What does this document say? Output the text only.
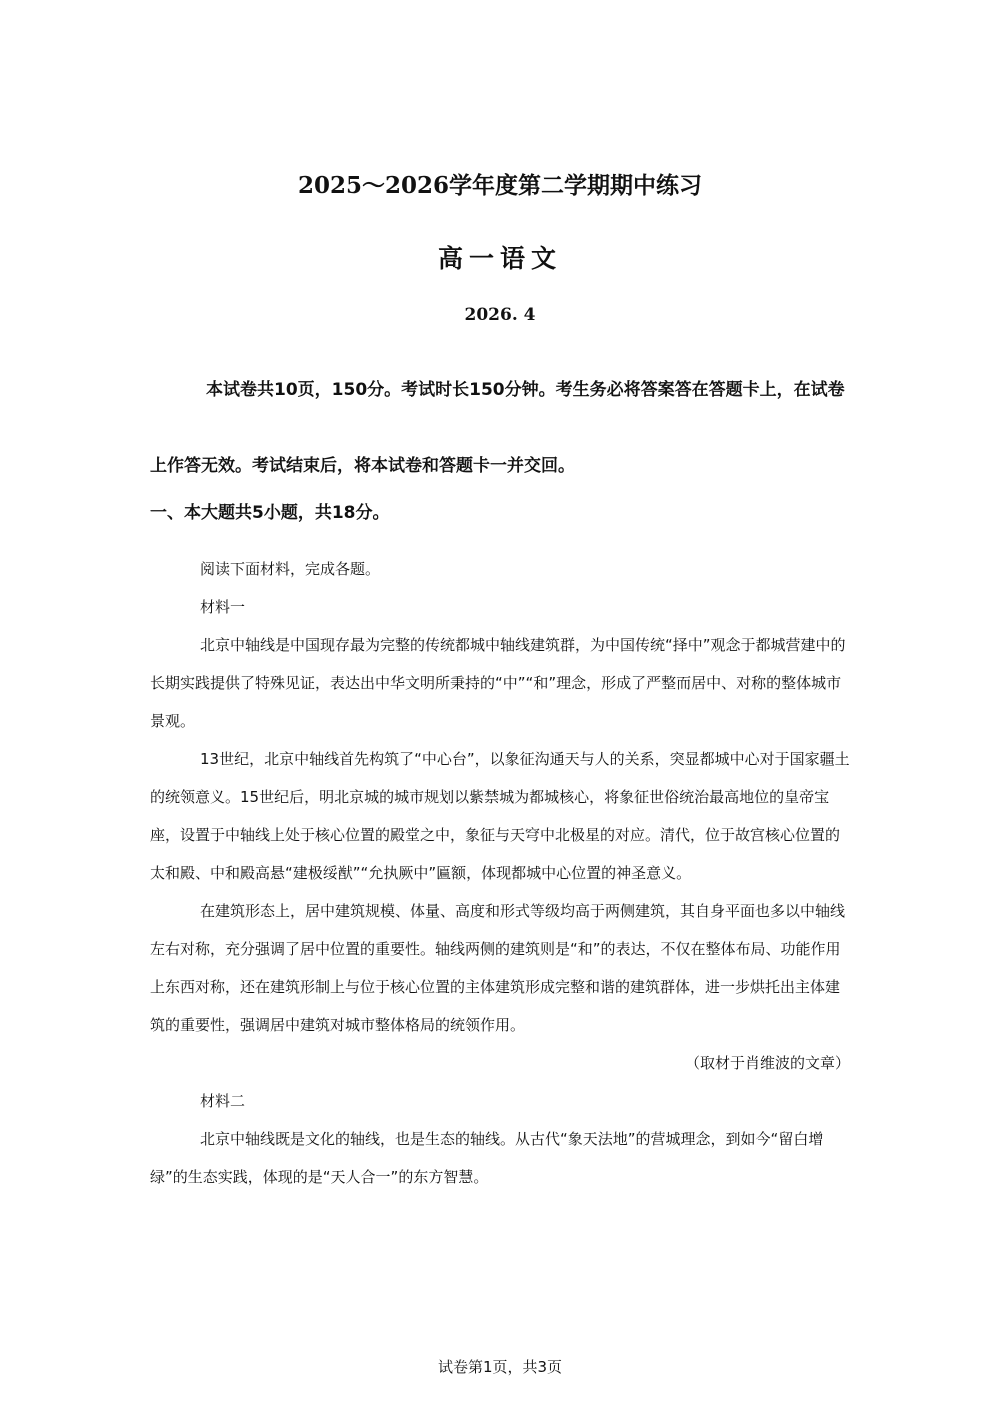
2025～2026学年度第二学期期中练习
高一语文
2026. 4

本试卷共10页，150分。考试时长150分钟。考生务必将答案答在答题卡上，在试卷上作答无效。考试结束后，将本试卷和答题卡一并交回。

一、本大题共5小题，共18分。

阅读下面材料，完成各题。

材料一

北京中轴线是中国现存最为完整的传统都城中轴线建筑群，为中国传统“择中”观念于都城营建中的长期实践提供了特殊见证，表达出中华文明所秉持的“中”“和”理念，形成了严整而居中、对称的整体城市景观。

13世纪，北京中轴线首先构筑了“中心台”，以象征沟通天与人的关系，突显都城中心对于国家疆土的统领意义。15世纪后，明北京城的城市规划以紫禁城为都城核心，将象征世俗统治最高地位的皇帝宝座，设置于中轴线上处于核心位置的殿堂之中，象征与天穹中北极星的对应。清代，位于故宫核心位置的太和殿、中和殿高悬“建极绥猷”“允执厥中”匾额，体现都城中心位置的神圣意义。

在建筑形态上，居中建筑规模、体量、高度和形式等级均高于两侧建筑，其自身平面也多以中轴线左右对称，充分强调了居中位置的重要性。轴线两侧的建筑则是“和”的表达，不仅在整体布局、功能作用上东西对称，还在建筑形制上与位于核心位置的主体建筑形成完整和谐的建筑群体，进一步烘托出主体建筑的重要性，强调居中建筑对城市整体格局的统领作用。

（取材于肖维波的文章）

材料二

北京中轴线既是文化的轴线，也是生态的轴线。从古代“象天法地”的营城理念，到如今“留白增绿”的生态实践，体现的是“天人合一”的东方智慧。

试卷第1页，共3页
